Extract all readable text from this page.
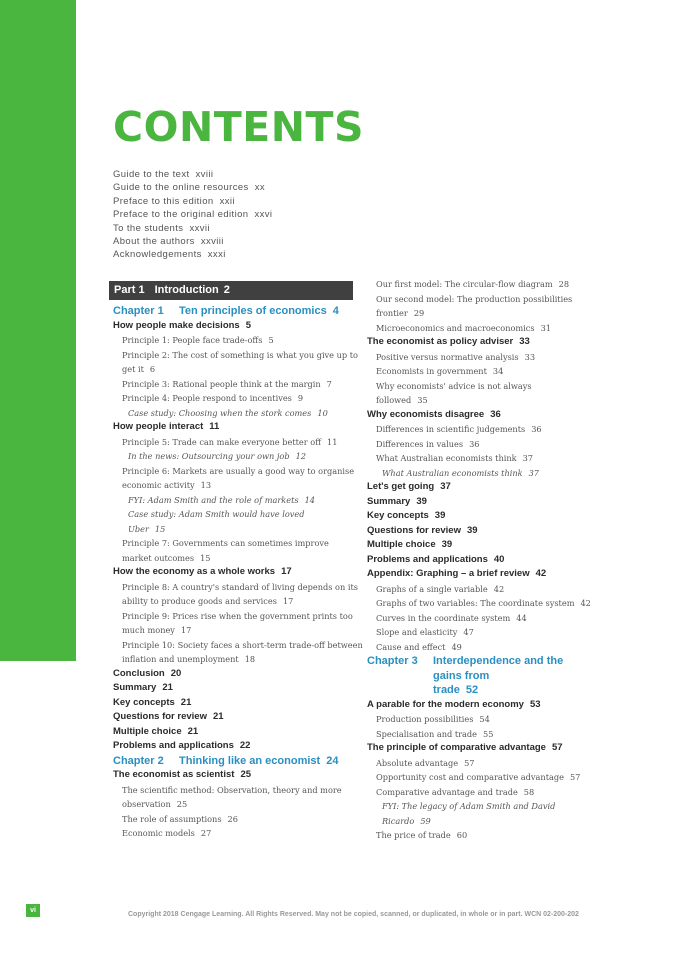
CONTENTS
Guide to the text xviii
Guide to the online resources xx
Preface to this edition xxii
Preface to the original edition xxvi
To the students xxvii
About the authors xxviii
Acknowledgements xxxi
Part 1 Introduction 2
Chapter 1	Ten principles of economics 4
How people make decisions 5
Principle 1: People face trade-offs 5
Principle 2: The cost of something is what you give up to
get it 6
Principle 3: Rational people think at the margin 7
Principle 4: People respond to incentives 9
Case study: Choosing when the stork comes 10
How people interact 11
Principle 5: Trade can make everyone better off 11
In the news: Outsourcing your own job 12
Principle 6: Markets are usually a good way to organise
economic activity 13
FYI: Adam Smith and the role of markets 14
Case study: Adam Smith would have loved
Uber 15
Principle 7: Governments can sometimes improve
market outcomes 15
How the economy as a whole works 17
Principle 8: A country's standard of living depends on its
ability to produce goods and services 17
Principle 9: Prices rise when the government prints too
much money 17
Principle 10: Society faces a short-term trade-off between
inflation and unemployment 18
Conclusion 20
Summary 21
Key concepts 21
Questions for review 21
Multiple choice 21
Problems and applications 22
Chapter 2	Thinking like an economist 24
The economist as scientist 25
The scientific method: Observation, theory and more
observation 25
The role of assumptions 26
Economic models 27
Our first model: The circular-flow diagram 28
Our second model: The production possibilities
frontier 29
Microeconomics and macroeconomics 31
The economist as policy adviser 33
Positive versus normative analysis 33
Economists in government 34
Why economists' advice is not always
followed 35
Why economists disagree 36
Differences in scientific judgements 36
Differences in values 36
What Australian economists think 37
What Australian economists think 37
Let's get going 37
Summary 39
Key concepts 39
Questions for review 39
Multiple choice 39
Problems and applications 40
Appendix: Graphing – a brief review 42
Graphs of a single variable 42
Graphs of two variables: The coordinate system 42
Curves in the coordinate system 44
Slope and elasticity 47
Cause and effect 49
Chapter 3	Interdependence and the gains from
trade 52
A parable for the modern economy 53
Production possibilities 54
Specialisation and trade 55
The principle of comparative advantage 57
Absolute advantage 57
Opportunity cost and comparative advantage 57
Comparative advantage and trade 58
FYI: The legacy of Adam Smith and David
Ricardo 59
The price of trade 60
vi
Copyright 2018 Cengage Learning. All Rights Reserved. May not be copied, scanned, or duplicated, in whole or in part. WCN 02-200-202
